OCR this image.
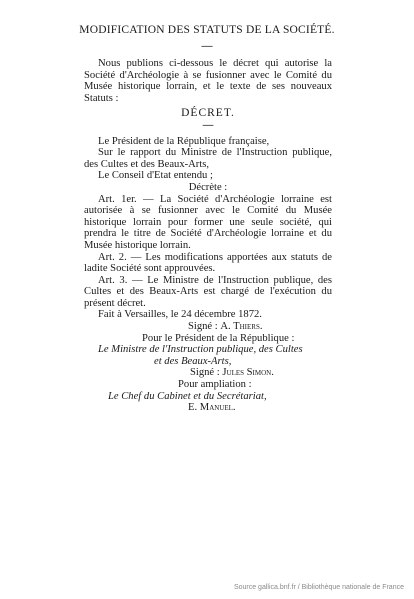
MODIFICATION DES STATUTS DE LA SOCIÉTÉ.
—

Nous publions ci-dessous le décret qui autorise la Société d'Archéologie à se fusionner avec le Comité du Musée historique lorrain, et le texte de ses nouveaux Statuts :

DÉCRET.

—

Le Président de la République française,

Sur le rapport du Ministre de l'Instruction publique, des Cultes et des Beaux-Arts,

Le Conseil d'Etat entendu ;

Décrète :

Art. 1er. — La Société d'Archéologie lorraine est autorisée à se fusionner avec le Comité du Musée historique lorrain pour former une seule société, qui prendra le titre de Société d'Archéologie lorraine et du Musée historique lorrain.

Art. 2. — Les modifications apportées aux statuts de ladite Société sont approuvées.

Art. 3. — Le Ministre de l'Instruction publique, des Cultes et des Beaux-Arts est chargé de l'exécution du présent décret.

Fait à Versailles, le 24 décembre 1872.

Signé : A. Thiers.

Pour le Président de la République :

Le Ministre de l'Instruction publique, des Cultes

et des Beaux-Arts,

Signé : Jules Simon.

Pour ampliation :

Le Chef du Cabinet et du Secrétariat,

E. Manuel.

Source gallica.bnf.fr / Bibliothèque nationale de France
